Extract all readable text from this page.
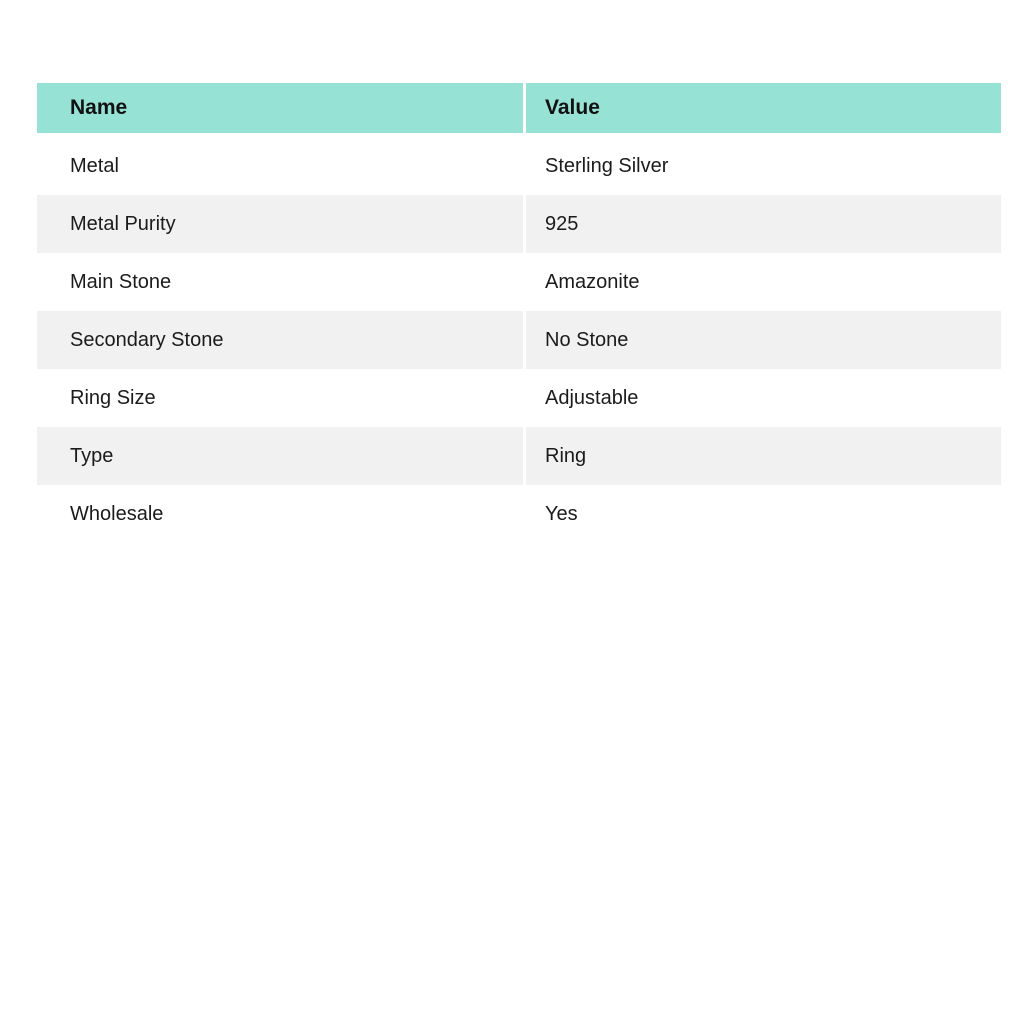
Name	Value
Metal	Sterling Silver
Metal Purity	925
Main Stone	Amazonite
Secondary Stone	No Stone
Ring Size	Adjustable
Type	Ring
Wholesale	Yes
